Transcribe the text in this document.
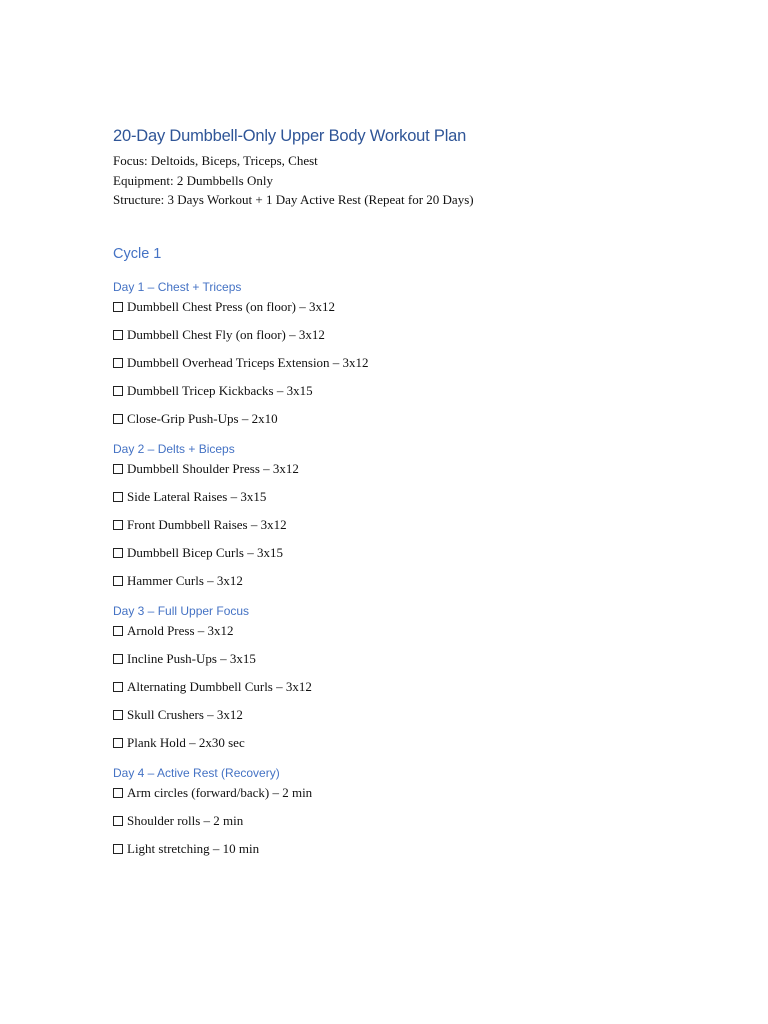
20-Day Dumbbell-Only Upper Body Workout Plan

Focus: Deltoids, Biceps, Triceps, Chest

Equipment: 2 Dumbbells Only

Structure: 3 Days Workout + 1 Day Active Rest (Repeat for 20 Days)

Cycle 1
Day 1 – Chest + Triceps
Dumbbell Chest Press (on floor) – 3x12
Dumbbell Chest Fly (on floor) – 3x12
Dumbbell Overhead Triceps Extension – 3x12
Dumbbell Tricep Kickbacks – 3x15
Close-Grip Push-Ups – 2x10
Day 2 – Delts + Biceps
Dumbbell Shoulder Press – 3x12
Side Lateral Raises – 3x15
Front Dumbbell Raises – 3x12
Dumbbell Bicep Curls – 3x15
Hammer Curls – 3x12
Day 3 – Full Upper Focus
Arnold Press – 3x12
Incline Push-Ups – 3x15
Alternating Dumbbell Curls – 3x12
Skull Crushers – 3x12
Plank Hold – 2x30 sec
Day 4 – Active Rest (Recovery)
Arm circles (forward/back) – 2 min
Shoulder rolls – 2 min
Light stretching – 10 min
